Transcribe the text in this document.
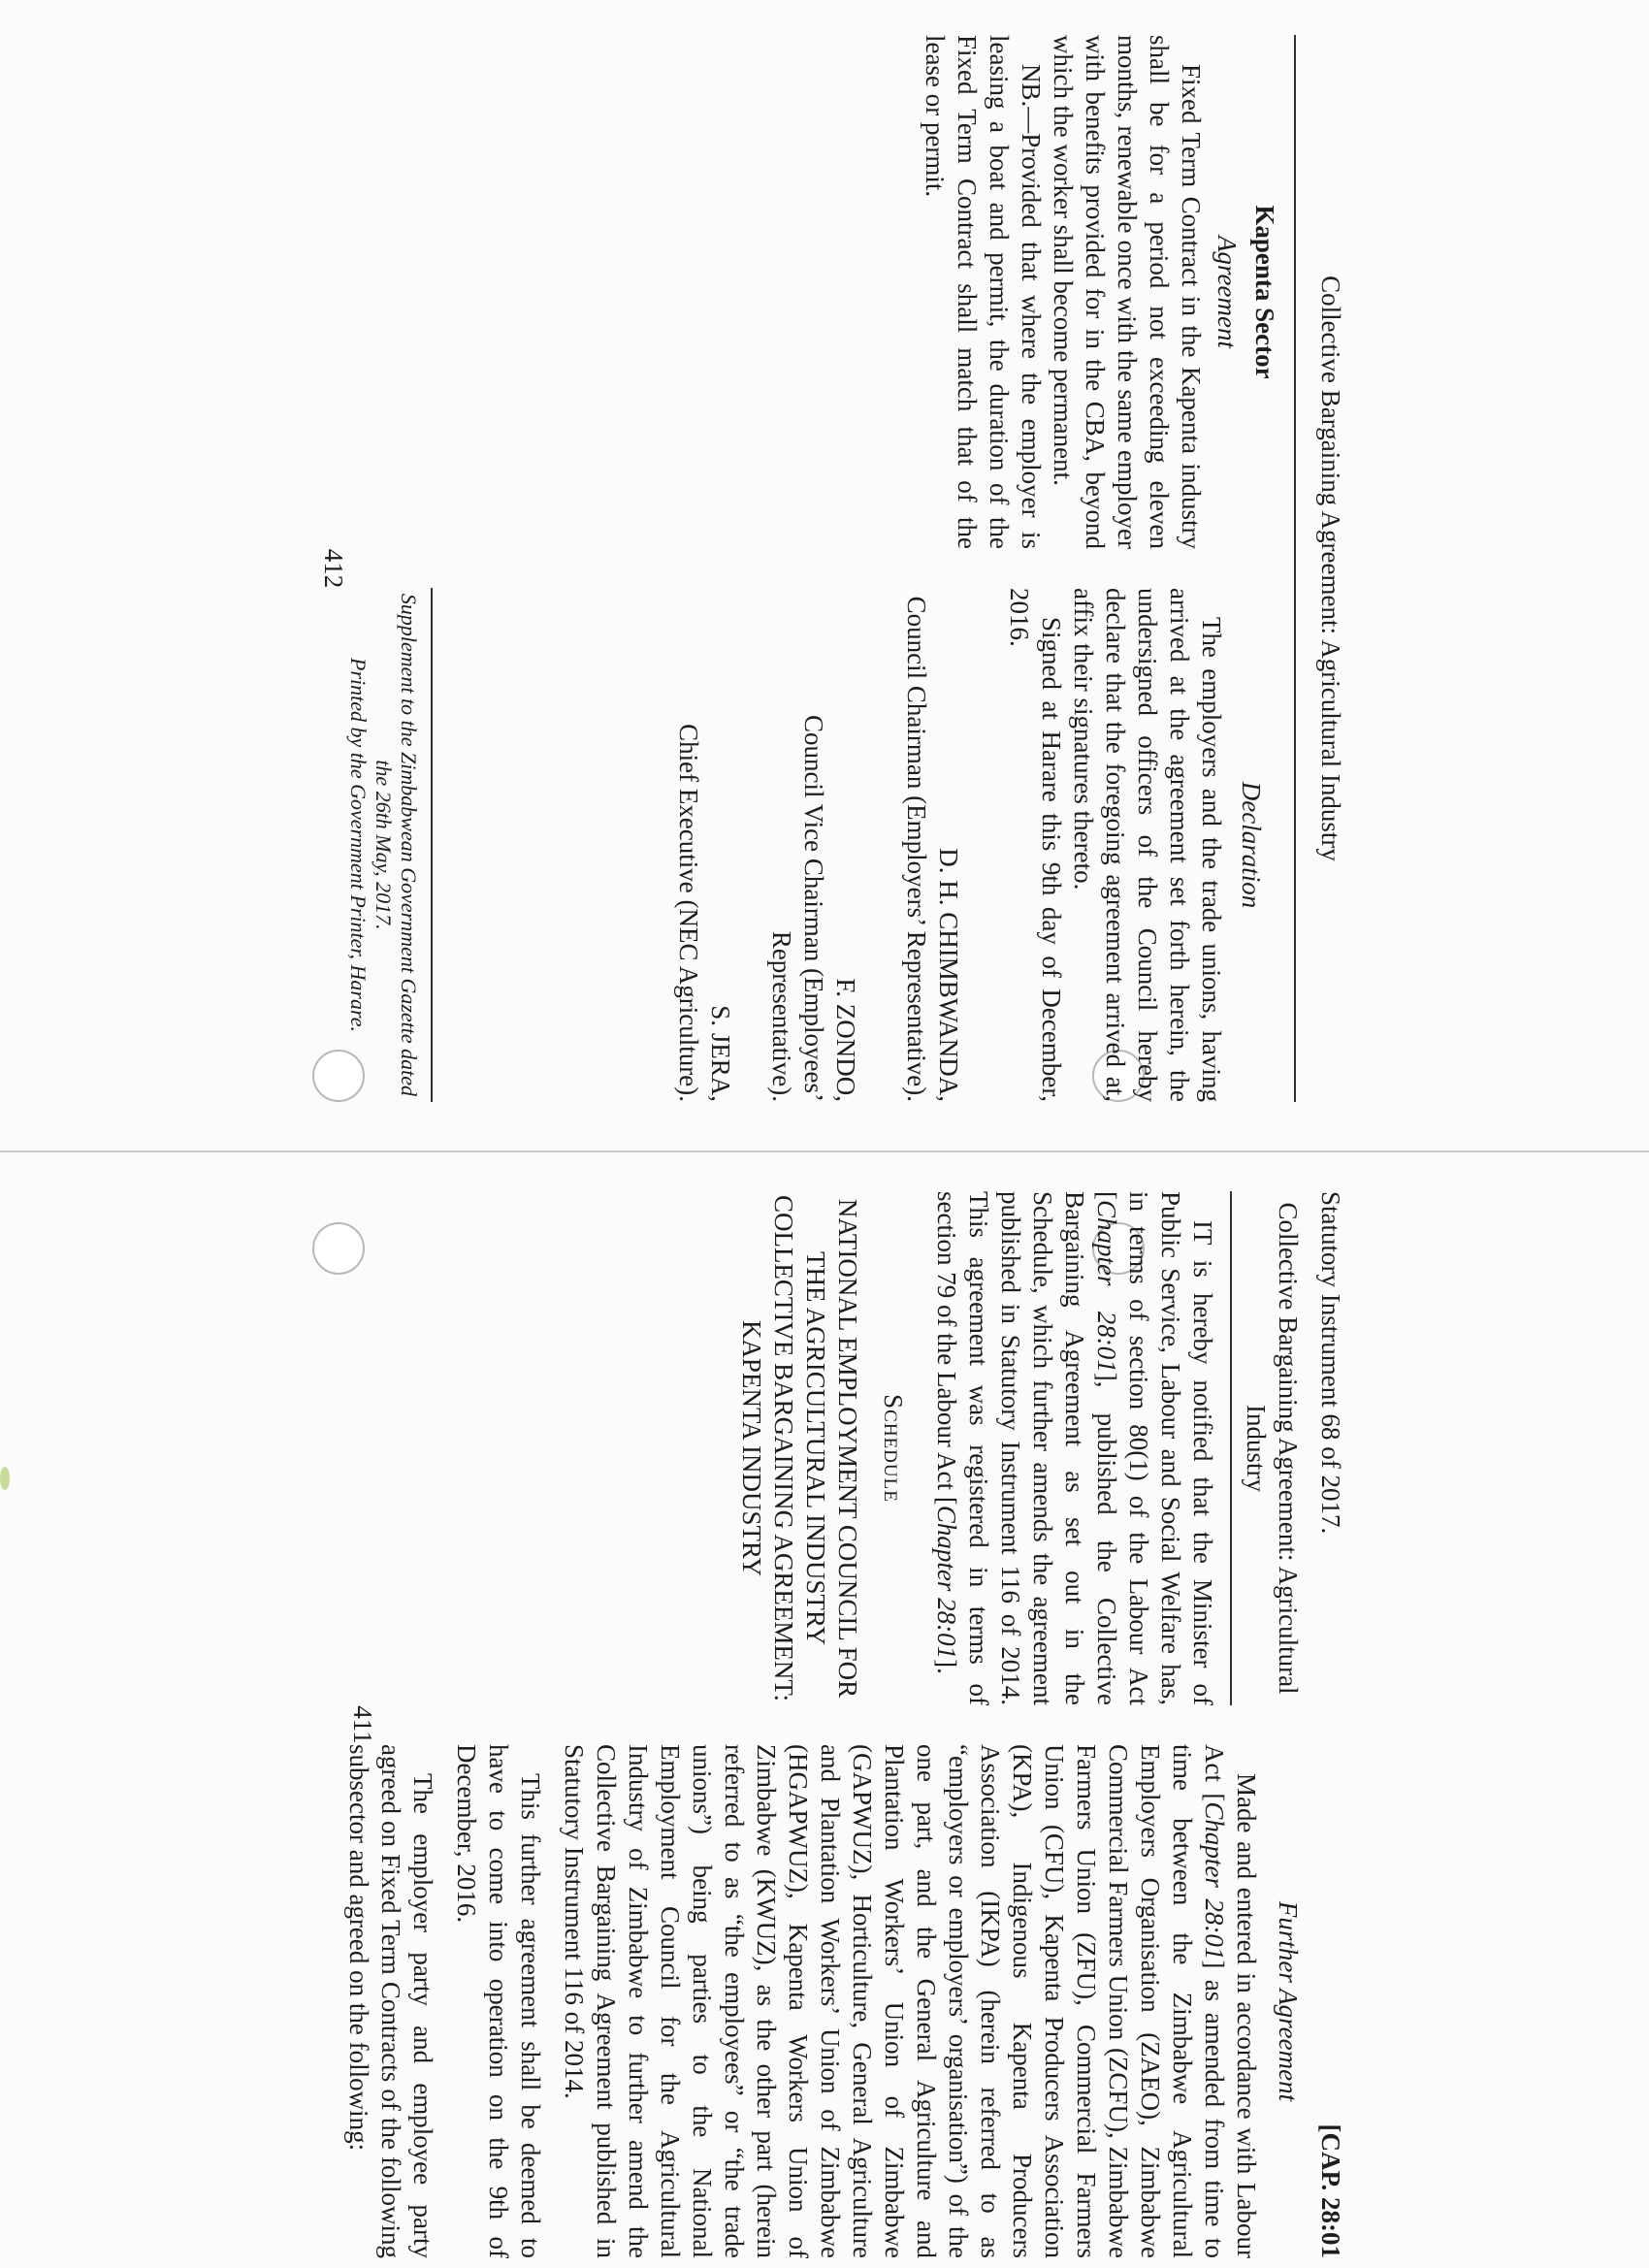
Statutory Instrument 68 of 2017.
[CAP. 28:01
Collective Bargaining Agreement: Agricultural Industry

IT is hereby notified that the Minister of Public Service, Labour and Social Welfare has, in terms of section 80(1) of the Labour Act [Chapter 28:01], published the Collective Bargaining Agreement as set out in the Schedule, which further amends the agreement published in Statutory Instrument 116 of 2014. This agreement was registered in terms of section 79 of the Labour Act [Chapter 28:01].

Schedule
NATIONAL EMPLOYMENT COUNCIL FOR THE AGRICULTURAL INDUSTRY
COLLECTIVE BARGAINING AGREEMENT: KAPENTA INDUSTRY
Further Agreement

Made and entered in accordance with Labour Act [Chapter 28:01] as amended from time to time between the Zimbabwe Agricultural Employers Organisation (ZAEO), Zimbabwe Commercial Farmers Union (ZCFU), Zimbabwe Farmers Union (ZFU), Commercial Farmers Union (CFU), Kapenta Producers Association (KPA), Indigenous Kapenta Producers Association (IKPA) (herein referred to as “employers or employers’ organisation”) of the one part, and the General Agriculture and Plantation Workers’ Union of Zimbabwe (GAPWUZ), Horticulture, General Agriculture and Plantation Workers’ Union of Zimbabwe (HGAPWUZ), Kapenta Workers Union of Zimbabwe (KWUZ), as the other part (herein referred to as “the employees” or “the trade unions”) being parties to the National Employment Council for the Agricultural Industry of Zimbabwe to further amend the Collective Bargaining Agreement published in Statutory Instrument 116 of 2014.

This further agreement shall be deemed to have to come into operation on the 9th of December, 2016.

The employer party and employee party agreed on Fixed Term Contracts of the following subsector and agreed on the following:

411
Collective Bargaining Agreement: Agricultural Industry
Kapenta Sector
Agreement

Fixed Term Contract in the Kapenta industry shall be for a period not exceeding eleven months, renewable once with the same employer with benefits provided for in the CBA, beyond which the worker shall become permanent.

NB.—Provided that where the employer is leasing a boat and permit, the duration of the Fixed Term Contract shall match that of the lease or permit.

Declaration

The employers and the trade unions, having arrived at the agreement set forth herein, the undersigned officers of the Council hereby declare that the foregoing agreement arrived at, affix their signatures thereto.

Signed at Harare this 9th day of December, 2016.

D. H. CHIMBWANDA,
Council Chairman (Employers’ Representative).
F. ZONDO,
Council Vice Chairman (Employees’ Representative).
S. JERA,
Chief Executive (NEC Agriculture).
Supplement to the Zimbabwean Government Gazette dated the 26th May, 2017.
Printed by the Government Printer, Harare.
412
